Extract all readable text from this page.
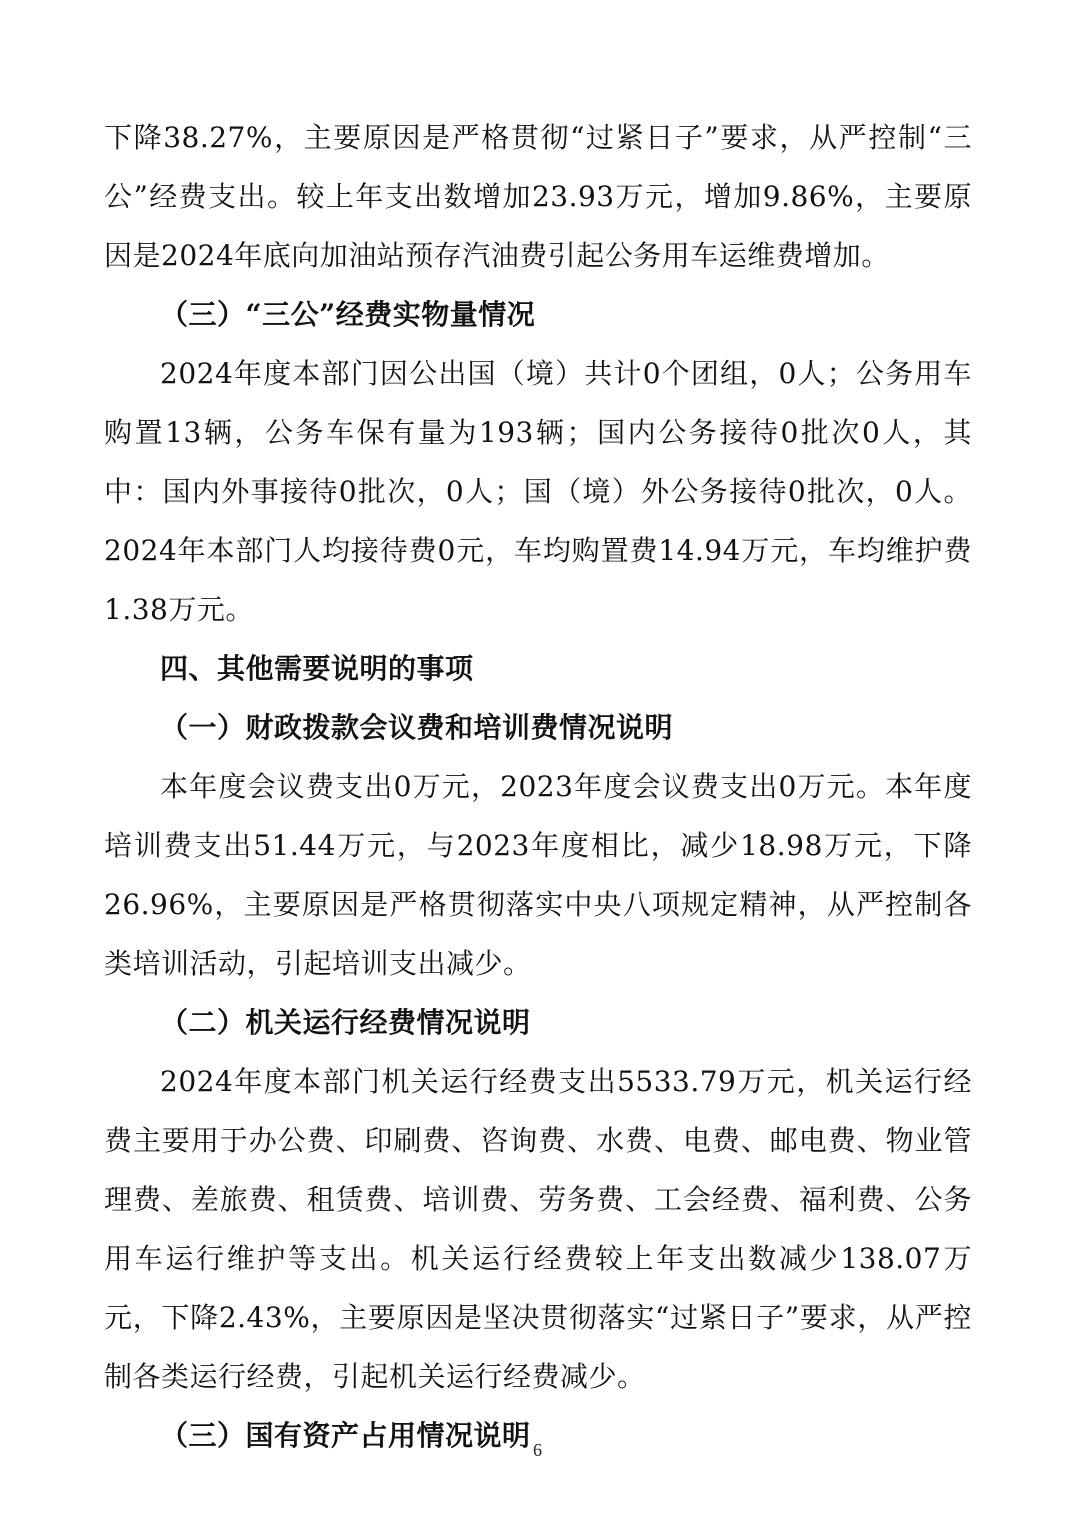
下降38.27%，主要原因是严格贯彻“过紧日子”要求，从严控制“三公”经费支出。较上年支出数增加23.93万元，增加9.86%，主要原因是2024年底向加油站预存汽油费引起公务用车运维费增加。

（三）“三公”经费实物量情况

2024年度本部门因公出国（境）共计0个团组，0人；公务用车购置13辆，公务车保有量为193辆；国内公务接待0批次0人，其中：国内外事接待0批次，0人；国（境）外公务接待0批次，0人。2024年本部门人均接待费0元，车均购置费14.94万元，车均维护费1.38万元。

四、其他需要说明的事项

（一）财政拨款会议费和培训费情况说明

本年度会议费支出0万元，2023年度会议费支出0万元。本年度培训费支出51.44万元，与2023年度相比，减少18.98万元，下降26.96%，主要原因是严格贯彻落实中央八项规定精神，从严控制各类培训活动，引起培训支出减少。

（二）机关运行经费情况说明

2024年度本部门机关运行经费支出5533.79万元，机关运行经费主要用于办公费、印刷费、咨询费、水费、电费、邮电费、物业管理费、差旅费、租赁费、培训费、劳务费、工会经费、福利费、公务用车运行维护等支出。机关运行经费较上年支出数减少138.07万元，下降2.43%，主要原因是坚决贯彻落实“过紧日子”要求，从严控制各类运行经费，引起机关运行经费减少。

（三）国有资产占用情况说明 6
